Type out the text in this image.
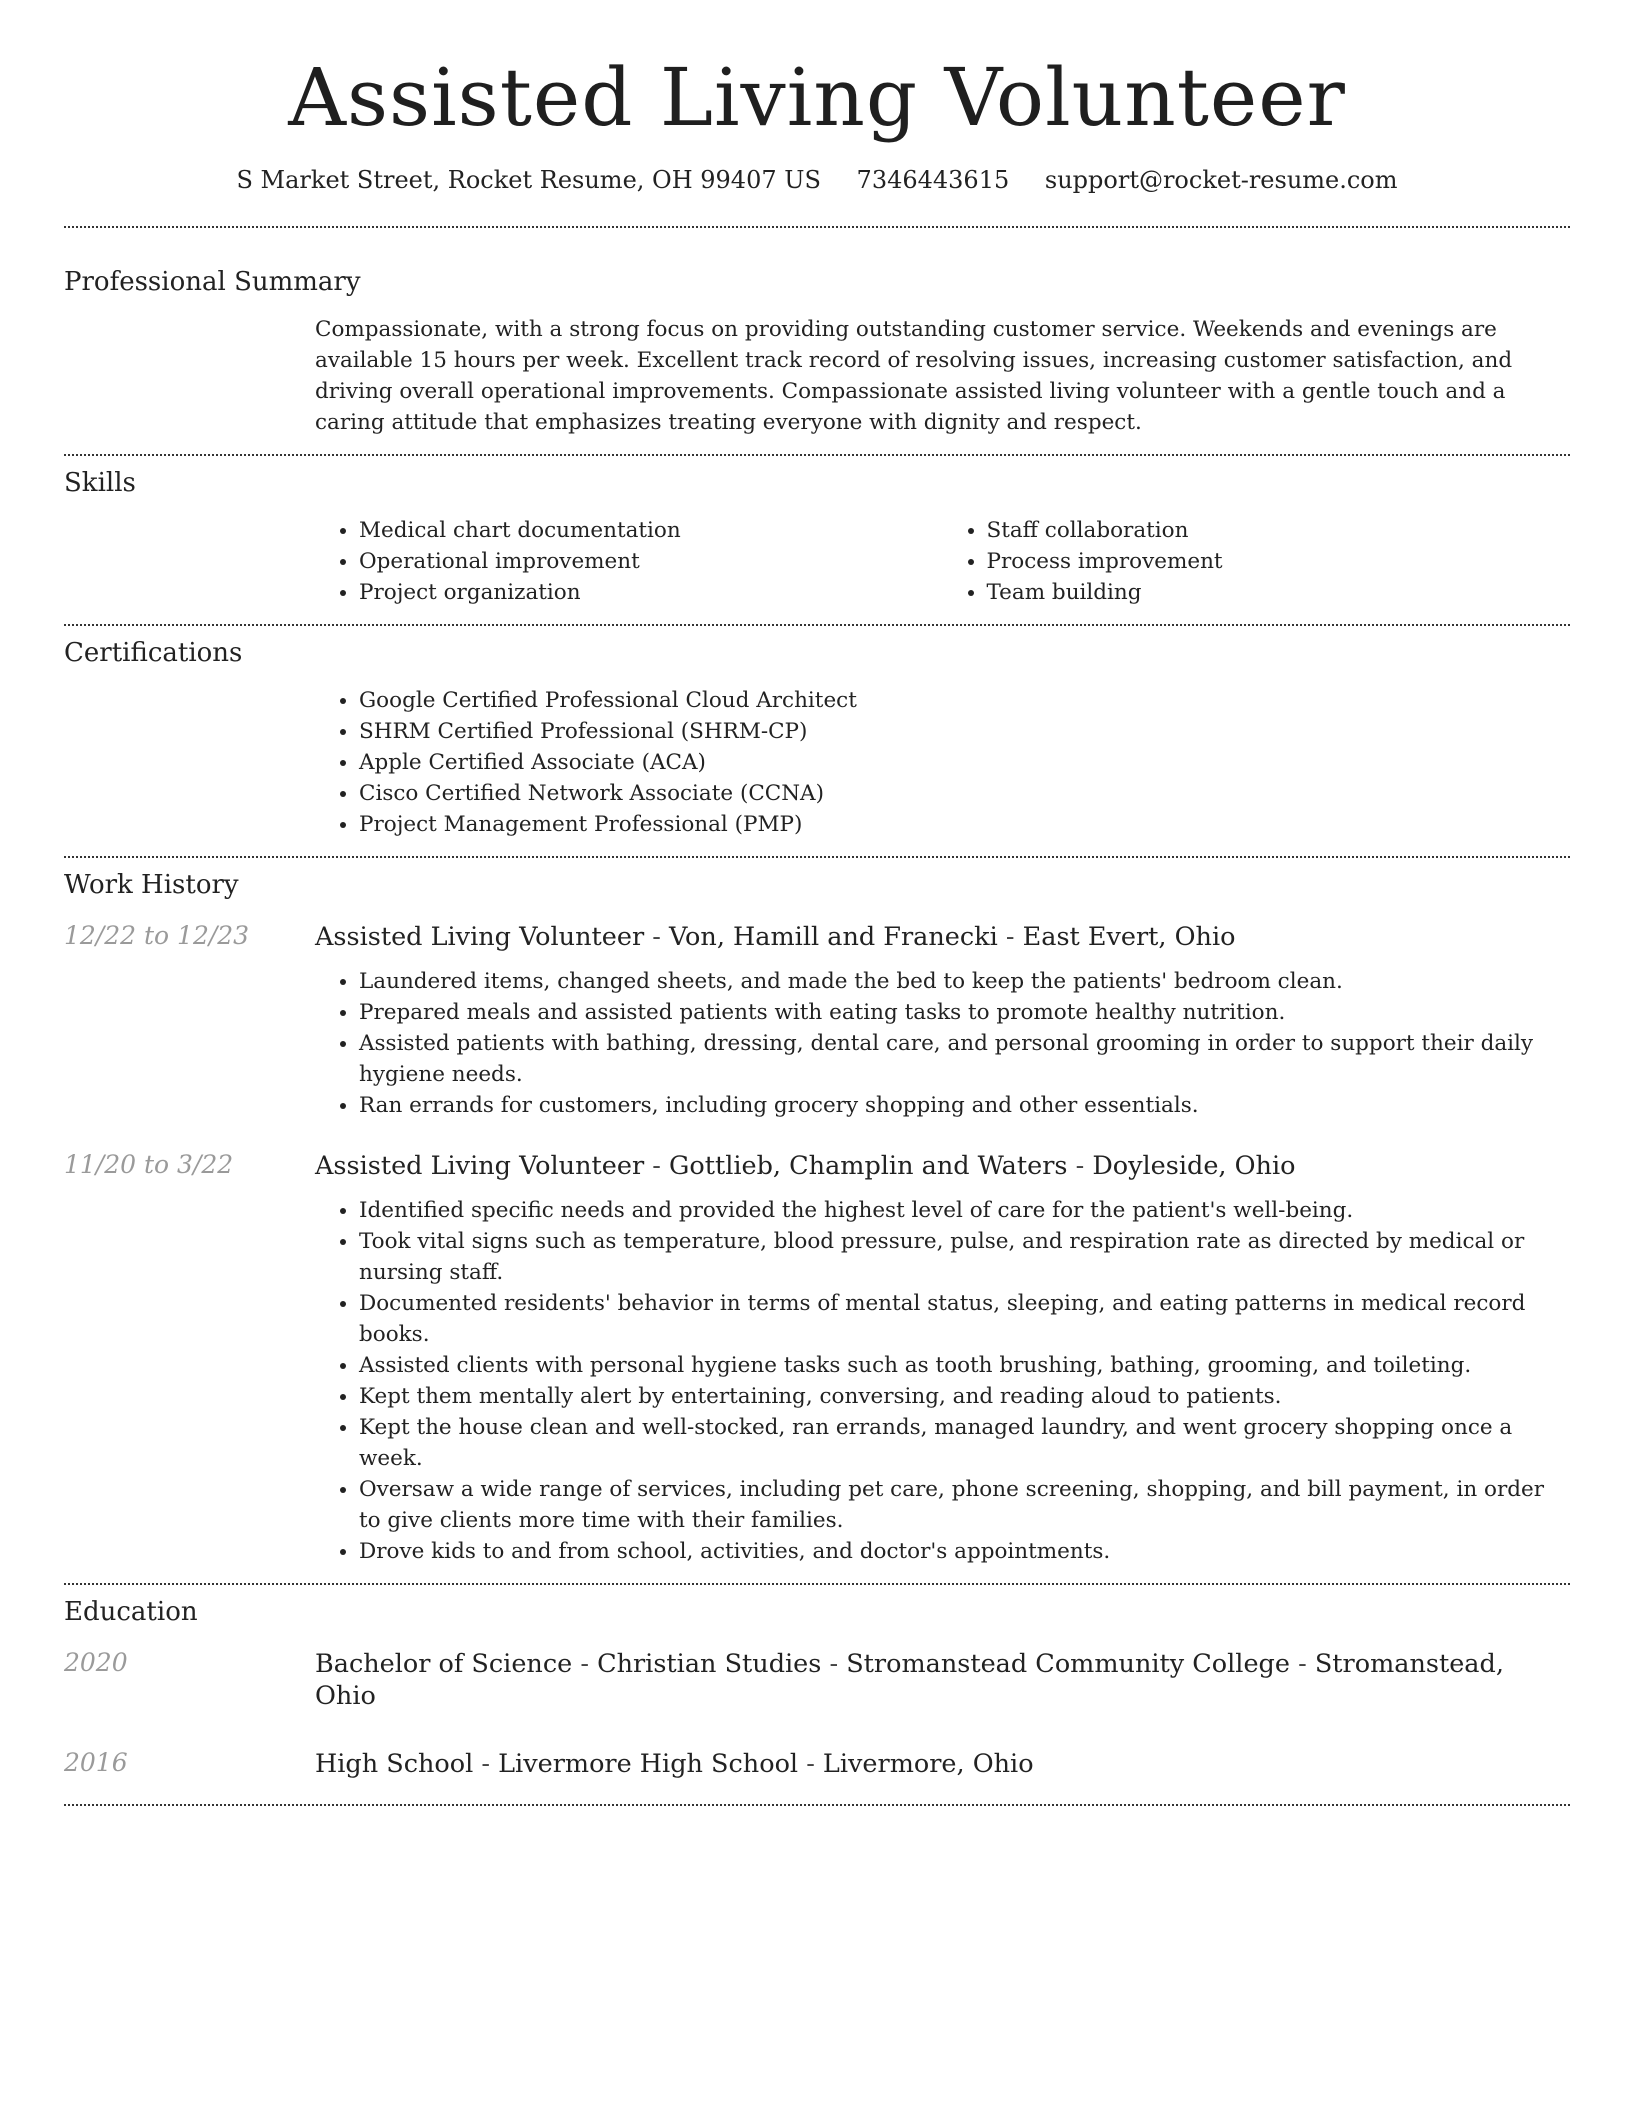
Assisted Living Volunteer
S Market Street, Rocket Resume, OH 99407 US 7346443615 support@rocket-resume.com
Professional Summary

Compassionate, with a strong focus on providing outstanding customer service. Weekends and evenings are available 15 hours per week. Excellent track record of resolving issues, increasing customer satisfaction, and driving overall operational improvements. Compassionate assisted living volunteer with a gentle touch and a caring attitude that emphasizes treating everyone with dignity and respect.

Skills
• Medical chart documentation
• Operational improvement
• Project organization
• Staff collaboration
• Process improvement
• Team building
Certifications
• Google Certified Professional Cloud Architect
• SHRM Certified Professional (SHRM-CP)
• Apple Certified Associate (ACA)
• Cisco Certified Network Associate (CCNA)
• Project Management Professional (PMP)
Work History
12/22 to 12/23	Assisted Living Volunteer - Von, Hamill and Franecki - East Evert, Ohio
• Laundered items, changed sheets, and made the bed to keep the patients' bedroom clean.
• Prepared meals and assisted patients with eating tasks to promote healthy nutrition.
• Assisted patients with bathing, dressing, dental care, and personal grooming in order to support their daily hygiene needs.
• Ran errands for customers, including grocery shopping and other essentials.
11/20 to 3/22	Assisted Living Volunteer - Gottlieb, Champlin and Waters - Doyleside, Ohio
• Identified specific needs and provided the highest level of care for the patient's well-being.
• Took vital signs such as temperature, blood pressure, pulse, and respiration rate as directed by medical or nursing staff.
• Documented residents' behavior in terms of mental status, sleeping, and eating patterns in medical record books.
• Assisted clients with personal hygiene tasks such as tooth brushing, bathing, grooming, and toileting.
• Kept them mentally alert by entertaining, conversing, and reading aloud to patients.
• Kept the house clean and well-stocked, ran errands, managed laundry, and went grocery shopping once a week.
• Oversaw a wide range of services, including pet care, phone screening, shopping, and bill payment, in order to give clients more time with their families.
• Drove kids to and from school, activities, and doctor's appointments.
Education
2020	Bachelor of Science - Christian Studies - Stromanstead Community College - Stromanstead, Ohio
2016	High School - Livermore High School - Livermore, Ohio
